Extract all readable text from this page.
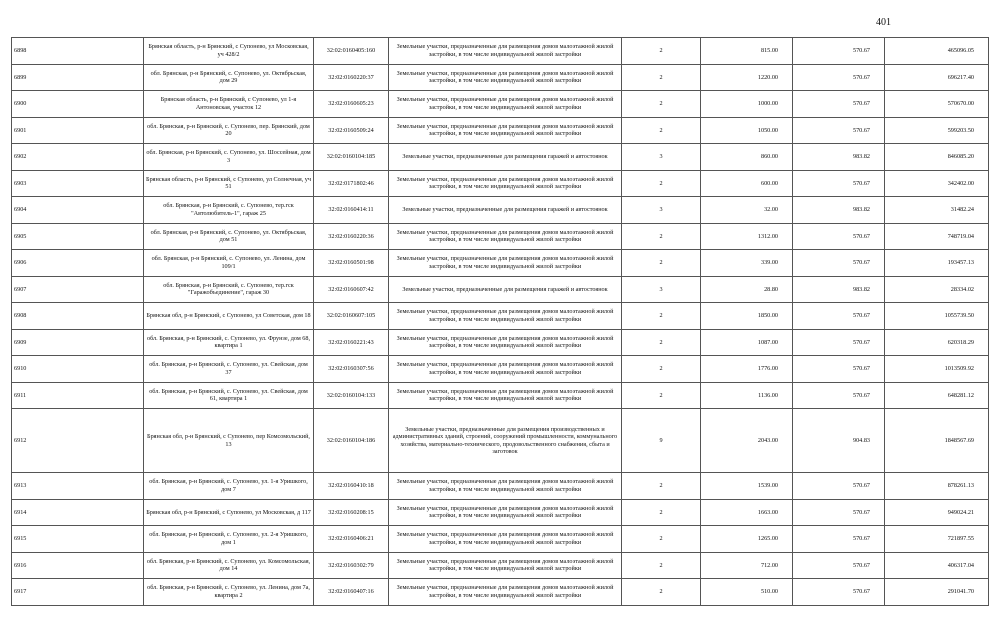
401
6898	Брянская область, р-н Брянский, с Супонево, ул Московская, уч 428/2	32:02:0160405:160	Земельные участки, предназначенные для размещения домов малоэтажной жилой застройки, в том числе индивидуальной жилой застройки	2	815.00	570.67	465096.05
6899	обл. Брянская, р-н Брянский, с. Супонево, ул. Октябрьская, дом 29	32:02:0160220:37	Земельные участки, предназначенные для размещения домов малоэтажной жилой застройки, в том числе индивидуальной жилой застройки	2	1220.00	570.67	696217.40
6900	Брянская область, р-н Брянский, с Супонево, ул 1-я Антоновская, участок 12	32:02:0160605:23	Земельные участки, предназначенные для размещения домов малоэтажной жилой застройки, в том числе индивидуальной жилой застройки	2	1000.00	570.67	570670.00
6901	обл. Брянская, р-н Брянский, с. Супонево, пер. Брянский, дом 20	32:02:0160509:24	Земельные участки, предназначенные для размещения домов малоэтажной жилой застройки, в том числе индивидуальной жилой застройки	2	1050.00	570.67	599203.50
6902	обл. Брянская, р-н Брянский, с. Супонево, ул. Шоссейная, дом 3	32:02:0160104:185	Земельные участки, предназначенные для размещения гаражей и автостоянок	3	860.00	983.82	846085.20
6903	Брянская область, р-н Брянский, с Супонево, ул Солнечная, уч 51	32:02:0171802:46	Земельные участки, предназначенные для размещения домов малоэтажной жилой застройки, в том числе индивидуальной жилой застройки	2	600.00	570.67	342402.00
6904	обл. Брянская, р-н Брянский, с. Супонево, тер.гск "Автолюбитель-1", гараж 25	32:02:0160414:11	Земельные участки, предназначенные для размещения гаражей и автостоянок	3	32.00	983.82	31482.24
6905	обл. Брянская, р-н Брянский, с. Супонево, ул. Октябрьская, дом 51	32:02:0160220:36	Земельные участки, предназначенные для размещения домов малоэтажной жилой застройки, в том числе индивидуальной жилой застройки	2	1312.00	570.67	748719.04
6906	обл. Брянская, р-н Брянский, с. Супонево, ул. Ленина, дом 109/1	32:02:0160501:98	Земельные участки, предназначенные для размещения домов малоэтажной жилой застройки, в том числе индивидуальной жилой застройки	2	339.00	570.67	193457.13
6907	обл. Брянская, р-н Брянский, с. Супонево, тер.гск "Гаражобъединение", гараж 30	32:02:0160607:42	Земельные участки, предназначенные для размещения гаражей и автостоянок	3	28.80	983.82	28334.02
6908	Брянская обл, р-н Брянский, с Супонево, ул Советская, дом 18	32:02:0160607:105	Земельные участки, предназначенные для размещения домов малоэтажной жилой застройки, в том числе индивидуальной жилой застройки	2	1850.00	570.67	1055739.50
6909	обл. Брянская, р-н Брянский, с. Супонево, ул. Фрунзе, дом 68, квартира 1	32:02:0160221:43	Земельные участки, предназначенные для размещения домов малоэтажной жилой застройки, в том числе индивидуальной жилой застройки	2	1087.00	570.67	620318.29
6910	обл. Брянская, р-н Брянский, с. Супонево, ул. Свейская, дом 37	32:02:0160307:56	Земельные участки, предназначенные для размещения домов малоэтажной жилой застройки, в том числе индивидуальной жилой застройки	2	1776.00	570.67	1013509.92
6911	обл. Брянская, р-н Брянский, с. Супонево, ул. Свейская, дом 61, квартира 1	32:02:0160104:133	Земельные участки, предназначенные для размещения домов малоэтажной жилой застройки, в том числе индивидуальной жилой застройки	2	1136.00	570.67	648281.12
6912	Брянская обл, р-н Брянский, с Супонево, пер Комсомольский, 13	32:02:0160104:186	Земельные участки, предназначенные для размещения производственных и административных зданий, строений, сооружений промышленности, коммунального хозяйства, материально-технического, продовольственного снабжения, сбыта и заготовок	9	2043.00	904.83	1848567.69
6913	обл. Брянская, р-н Брянский, с. Супонево, ул. 1-я Уришкого, дом 7	32:02:0160410:18	Земельные участки, предназначенные для размещения домов малоэтажной жилой застройки, в том числе индивидуальной жилой застройки	2	1539.00	570.67	878261.13
6914	Брянская обл, р-н Брянский, с Супонево, ул Московская, д 117	32:02:0160208:15	Земельные участки, предназначенные для размещения домов малоэтажной жилой застройки, в том числе индивидуальной жилой застройки	2	1663.00	570.67	949024.21
6915	обл. Брянская, р-н Брянский, с. Супонево, ул. 2-я Уришкого, дом 1	32:02:0160406:21	Земельные участки, предназначенные для размещения домов малоэтажной жилой застройки, в том числе индивидуальной жилой застройки	2	1265.00	570.67	721897.55
6916	обл. Брянская, р-н Брянский, с. Супонево, ул. Комсомольская, дом 14	32:02:0160302:79	Земельные участки, предназначенные для размещения домов малоэтажной жилой застройки, в том числе индивидуальной жилой застройки	2	712.00	570.67	406317.04
6917	обл. Брянская, р-н Брянский, с. Супонево, ул. Ленина, дом 7а, квартира 2	32:02:0160407:16	Земельные участки, предназначенные для размещения домов малоэтажной жилой застройки, в том числе индивидуальной жилой застройки	2	510.00	570.67	291041.70
